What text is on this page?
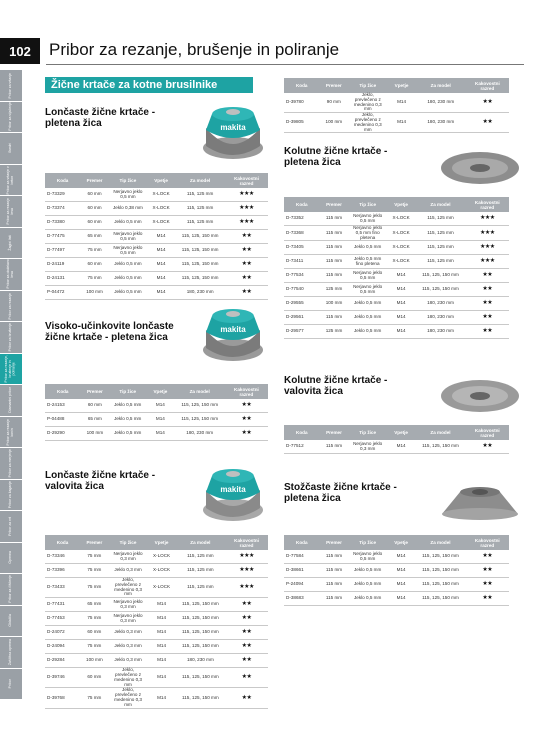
Pribor za vrtanje
Pribor za vijačenje
Svedri
Pribor za vrtanje v beton
Pribor za rezanje lesa
Žagini listi
Pribor za obdelavo lesa
Pribor za rezanje
Pribor za brušenje
Pribor za rezanje, brušenje in poliranje
Diamantni pribor
Pribor za rezanje kovin
Pribor za merjenje
Pribor za žaganje
Pribor za vrt
Oprema
Pribor za čiščenje
Oblačila
Zaščitna oprema
Pribor
102	Pribor za rezanje, brušenje in poliranje
Žične krtače za kotne brusilnike
Lončaste žične krtače - pletena žica
Visoko-učinkovite lončaste žične krtače - pletena žica
Lončaste žične krtače - valovita žica
Kolutne žične krtače - pletena žica
Kolutne žične krtače - valovita žica
Stožčaste žične krtače - pletena žica
makita
makita
makita
Koda	Premer	Tip žice	Vpetje	Za model	Kakovostni razred
D-73329	60 mm	Nerjavno jeklo 0,5 mm	X-LOCK	115, 125 mm	★★★
D-73374	60 mm	Jeklo 0,38 mm	X-LOCK	115, 125 mm	★★★
D-73380	60 mm	Jeklo 0,5 mm	X-LOCK	115, 125 mm	★★★
D-77475	65 mm	Nerjavno jeklo 0,5 mm	M14	115, 125, 150 mm	★★
D-77497	75 mm	Nerjavno jeklo 0,5 mm	M14	115, 125, 150 mm	★★
D-24119	60 mm	Jeklo 0,5 mm	M14	115, 125, 150 mm	★★
D-24131	75 mm	Jeklo 0,5 mm	M14	115, 125, 150 mm	★★
P-04472	100 mm	Jeklo 0,5 mm	M14	180, 230 mm	★★
Koda	Premer	Tip žice	Vpetje	Za model	Kakovostni razred
D-24153	60 mm	Jeklo 0,5 mm	M14	115, 125, 150 mm	★★
P-04488	65 mm	Jeklo 0,5 mm	M14	115, 125, 150 mm	★★
D-29290	100 mm	Jeklo 0,5 mm	M14	180, 230 mm	★★
Koda	Premer	Tip žice	Vpetje	Za model	Kakovostni razred
D-73346	75 mm	Nerjavno jeklo 0,3 mm	X-LOCK	115, 125 mm	★★★
D-73396	75 mm	Jeklo 0,3 mm	X-LOCK	115, 125 mm	★★★
D-73433	75 mm	Jeklo, prevlečeno z medenino 0,3 mm	X-LOCK	115, 125 mm	★★★
D-77431	65 mm	Nerjavno jeklo 0,3 mm	M14	115, 125, 150 mm	★★
D-77453	75 mm	Nerjavno jeklo 0,3 mm	M14	115, 125, 150 mm	★★
D-24072	60 mm	Jeklo 0,3 mm	M14	115, 125, 150 mm	★★
D-24094	75 mm	Jeklo 0,3 mm	M14	115, 125, 150 mm	★★
D-29284	100 mm	Jeklo 0,3 mm	M14	180, 230 mm	★★
D-39746	60 mm	Jeklo, prevlečeno z medenino 0,3 mm	M14	115, 125, 150 mm	★★
D-39768	75 mm	Jeklo, prevlečeno z medenino 0,3 mm	M14	115, 125, 150 mm	★★
Koda	Premer	Tip žice	Vpetje	Za model	Kakovostni razred
D-39780	90 mm	Jeklo, prevlečeno z medenino 0,3 mm	M14	180, 230 mm	★★
D-39805	100 mm	Jeklo, prevlečeno z medenino 0,3 mm	M14	180, 230 mm	★★
Koda	Premer	Tip žice	Vpetje	Za model	Kakovostni razred
D-73352	115 mm	Nerjavno jeklo 0,5 mm	X-LOCK	115, 125 mm	★★★
D-73368	115 mm	Nerjavno jeklo 0,5 mm fino pletena	X-LOCK	115, 125 mm	★★★
D-73405	115 mm	Jeklo 0,5 mm	X-LOCK	115, 125 mm	★★★
D-73411	115 mm	Jeklo 0,5 mm fino pletena	X-LOCK	115, 125 mm	★★★
D-77534	115 mm	Nerjavno jeklo 0,5 mm	M14	115, 125, 150 mm	★★
D-77540	125 mm	Nerjavno jeklo 0,5 mm	M14	115, 125, 150 mm	★★
D-29555	100 mm	Jeklo 0,5 mm	M14	180, 230 mm	★★
D-29561	115 mm	Jeklo 0,5 mm	M14	180, 230 mm	★★
D-29577	125 mm	Jeklo 0,5 mm	M14	180, 230 mm	★★
Koda	Premer	Tip žice	Vpetje	Za model	Kakovostni razred
D-77512	115 mm	Nerjavno jeklo 0,3 mm	M14	115, 125, 150 mm	★★
Koda	Premer	Tip žice	Vpetje	Za model	Kakovostni razred
D-77584	115 mm	Nerjavno jeklo 0,5 mm	M14	115, 125, 150 mm	★★
D-38661	115 mm	Jeklo 0,5 mm	M14	115, 125, 150 mm	★★
P-24094	115 mm	Jeklo 0,5 mm	M14	115, 125, 150 mm	★★
D-38683	115 mm	Jeklo 0,5 mm	M14	115, 125, 150 mm	★★
